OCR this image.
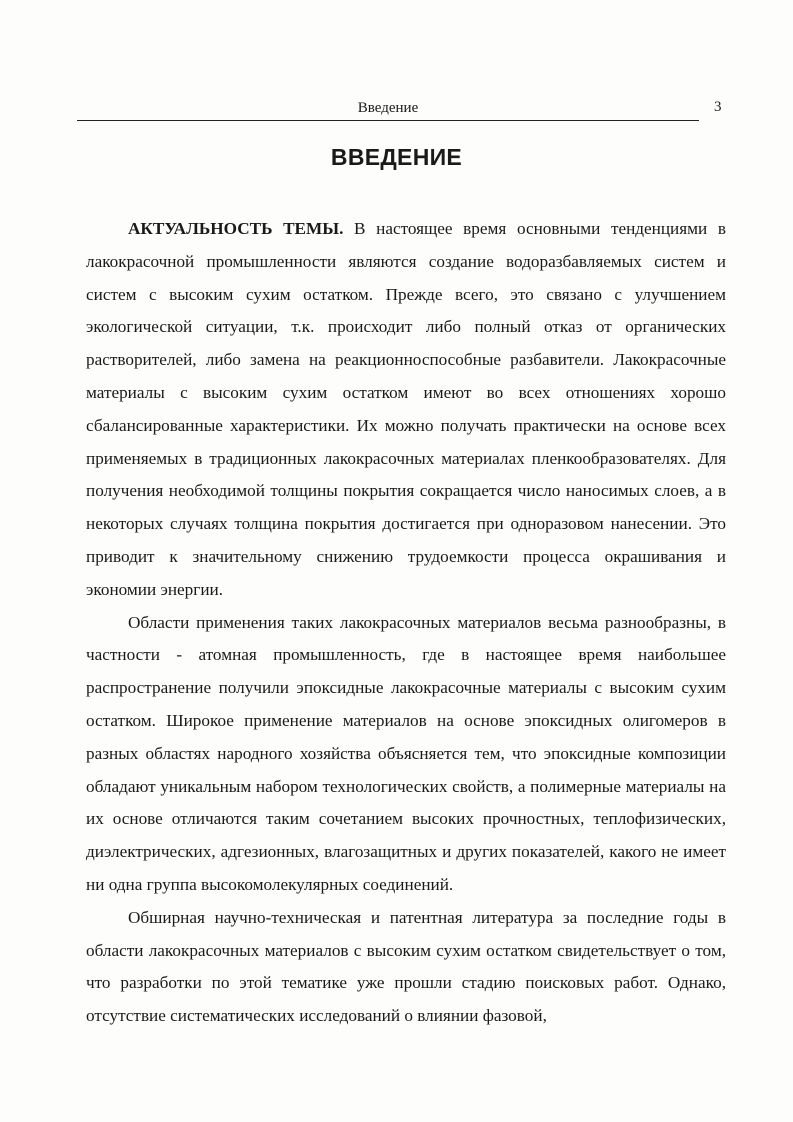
Введение	3
ВВЕДЕНИЕ

АКТУАЛЬНОСТЬ ТЕМЫ. В настоящее время основными тенденциями в лакокрасочной промышленности являются создание водоразбавляемых систем и систем с высоким сухим остатком. Прежде всего, это связано с улучшением экологической ситуации, т.к. происходит либо полный отказ от органических растворителей, либо замена на реакционноспособные разбавители. Лакокрасочные материалы с высоким сухим остатком имеют во всех отношениях хорошо сбалансированные характеристики. Их можно получать практически на основе всех применяемых в традиционных лакокрасочных материалах пленкообразователях. Для получения необходимой толщины покрытия сокращается число наносимых слоев, а в некоторых случаях толщина покрытия достигается при одноразовом нанесении. Это приводит к значительному снижению трудоемкости процесса окрашивания и экономии энергии.

Области применения таких лакокрасочных материалов весьма разнообразны, в частности - атомная промышленность, где в настоящее время наибольшее распространение получили эпоксидные лакокрасочные материалы с высоким сухим остатком. Широкое применение материалов на основе эпоксидных олигомеров в разных областях народного хозяйства объясняется тем, что эпоксидные композиции обладают уникальным набором технологических свойств, а полимерные материалы на их основе отличаются таким сочетанием высоких прочностных, теплофизических, диэлектрических, адгезионных, влагозащитных и других показателей, какого не имеет ни одна группа высокомолекулярных соединений.

Обширная научно-техническая и патентная литература за последние годы в области лакокрасочных материалов с высоким сухим остатком свидетельствует о том, что разработки по этой тематике уже прошли стадию поисковых работ. Однако, отсутствие систематических исследований о влиянии фазовой,
